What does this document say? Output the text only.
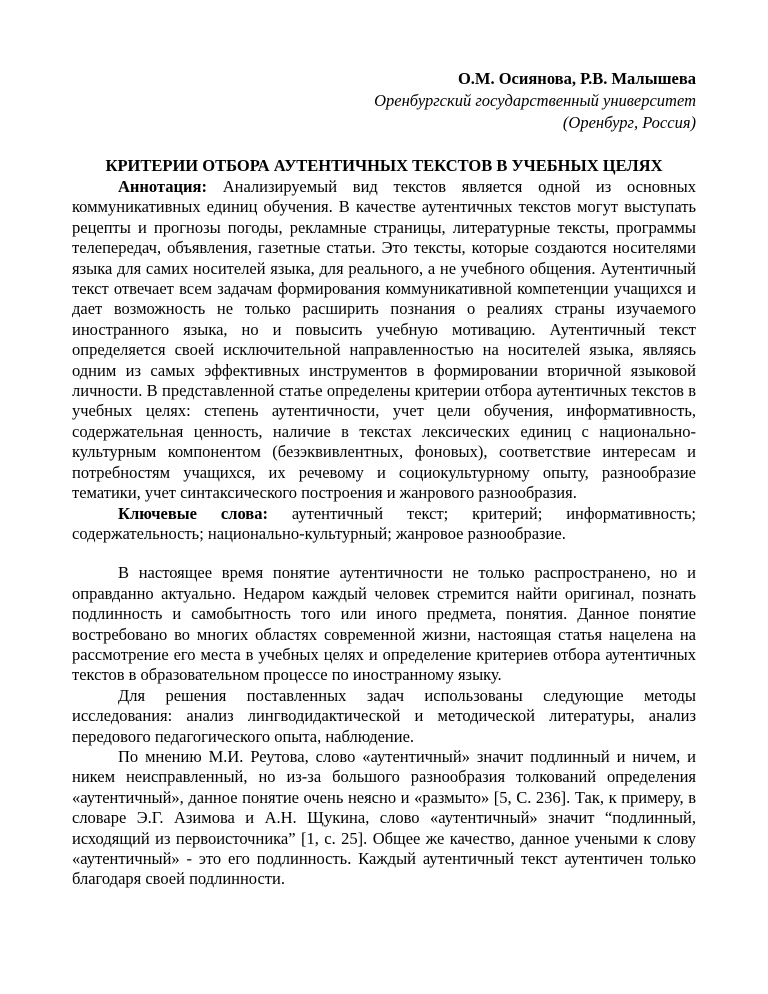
О.М. Осиянова, Р.В. Малышева
Оренбургский государственный университет
(Оренбург, Россия)
КРИТЕРИИ ОТБОРА АУТЕНТИЧНЫХ ТЕКСТОВ В УЧЕБНЫХ ЦЕЛЯХ

Аннотация: Анализируемый вид текстов является одной из основных коммуникативных единиц обучения. В качестве аутентичных текстов могут выступать рецепты и прогнозы погоды, рекламные страницы, литературные тексты, программы телепередач, объявления, газетные статьи. Это тексты, которые создаются носителями языка для самих носителей языка, для реального, а не учебного общения. Аутентичный текст отвечает всем задачам формирования коммуникативной компетенции учащихся и дает возможность не только расширить познания о реалиях страны изучаемого иностранного языка, но и повысить учебную мотивацию. Аутентичный текст определяется своей исключительной направленностью на носителей языка, являясь одним из самых эффективных инструментов в формировании вторичной языковой личности. В представленной статье определены критерии отбора аутентичных текстов в учебных целях: степень аутентичности, учет цели обучения, информативность, содержательная ценность, наличие в текстах лексических единиц с национально-культурным компонентом (безэквивлентных, фоновых), соответствие интересам и потребностям учащихся, их речевому и социокультурному опыту, разнообразие тематики, учет синтаксического построения и жанрового разнообразия.

Ключевые слова: аутентичный текст; критерий; информативность; содержательность; национально-культурный; жанровое разнообразие.

В настоящее время понятие аутентичности не только распространено, но и оправданно актуально. Недаром каждый человек стремится найти оригинал, познать подлинность и самобытность того или иного предмета, понятия. Данное понятие востребовано во многих областях современной жизни, настоящая статья нацелена на рассмотрение его места в учебных целях и определение критериев отбора аутентичных текстов в образовательном процессе по иностранному языку.

Для решения поставленных задач использованы следующие методы исследования: анализ лингводидактической и методической литературы, анализ передового педагогического опыта, наблюдение.

По мнению М.И. Реутова, слово «аутентичный» значит подлинный и ничем, и никем неисправленный, но из-за большого разнообразия толкований определения «аутентичный», данное понятие очень неясно и «размыто» [5, С. 236]. Так, к примеру, в словаре Э.Г. Азимова и А.Н. Щукина, слово «аутентичный» значит “подлинный, исходящий из первоисточника” [1, с. 25]. Общее же качество, данное учеными к слову «аутентичный» - это его подлинность. Каждый аутентичный текст аутентичен только благодаря своей подлинности.
